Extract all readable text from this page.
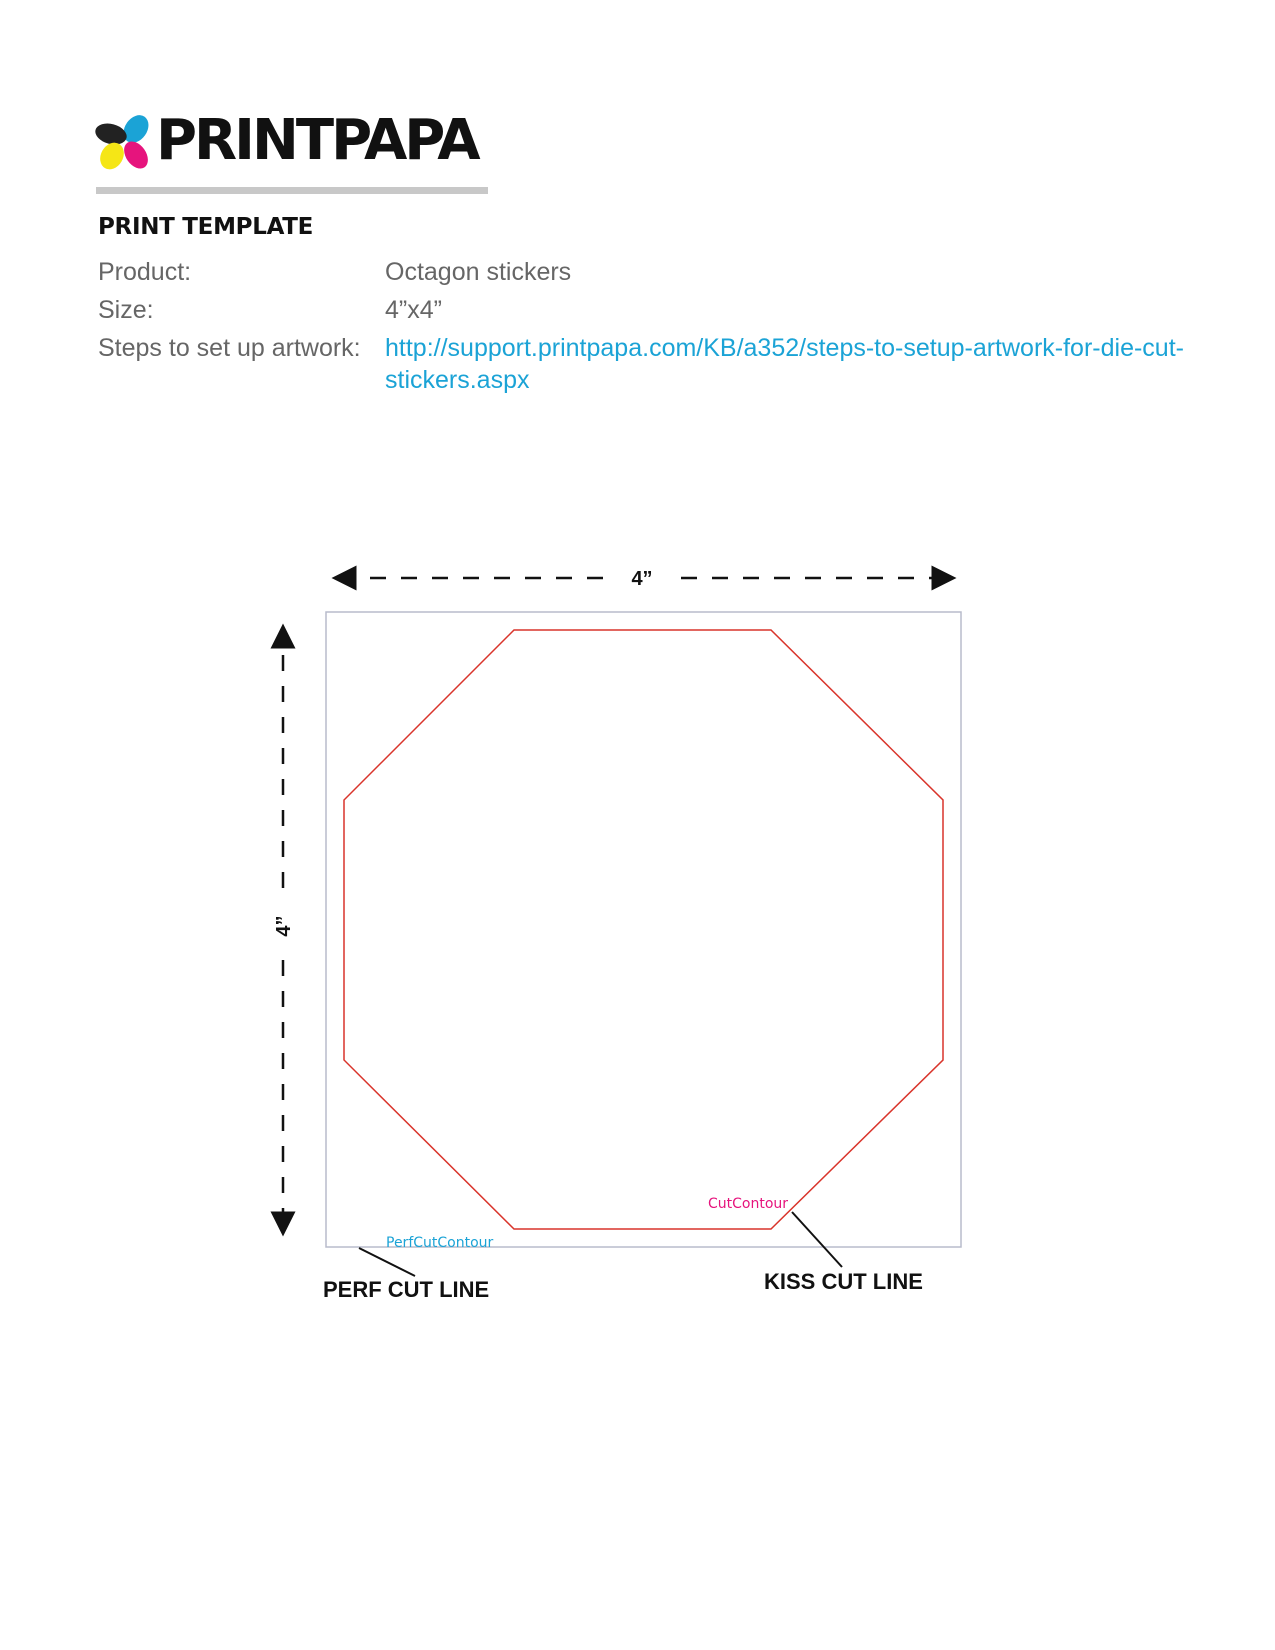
PRINTPAPA
PRINT TEMPLATE
Product:	Octagon stickers
Size:	4”x4”
Steps to set up artwork: http://support.printpapa.com/KB/a352/steps-to-setup-artwork-for-die-cut-stickers.aspx
4”
4”
CutContour
PerfCutContour
PERF CUT LINE	KISS CUT LINE
